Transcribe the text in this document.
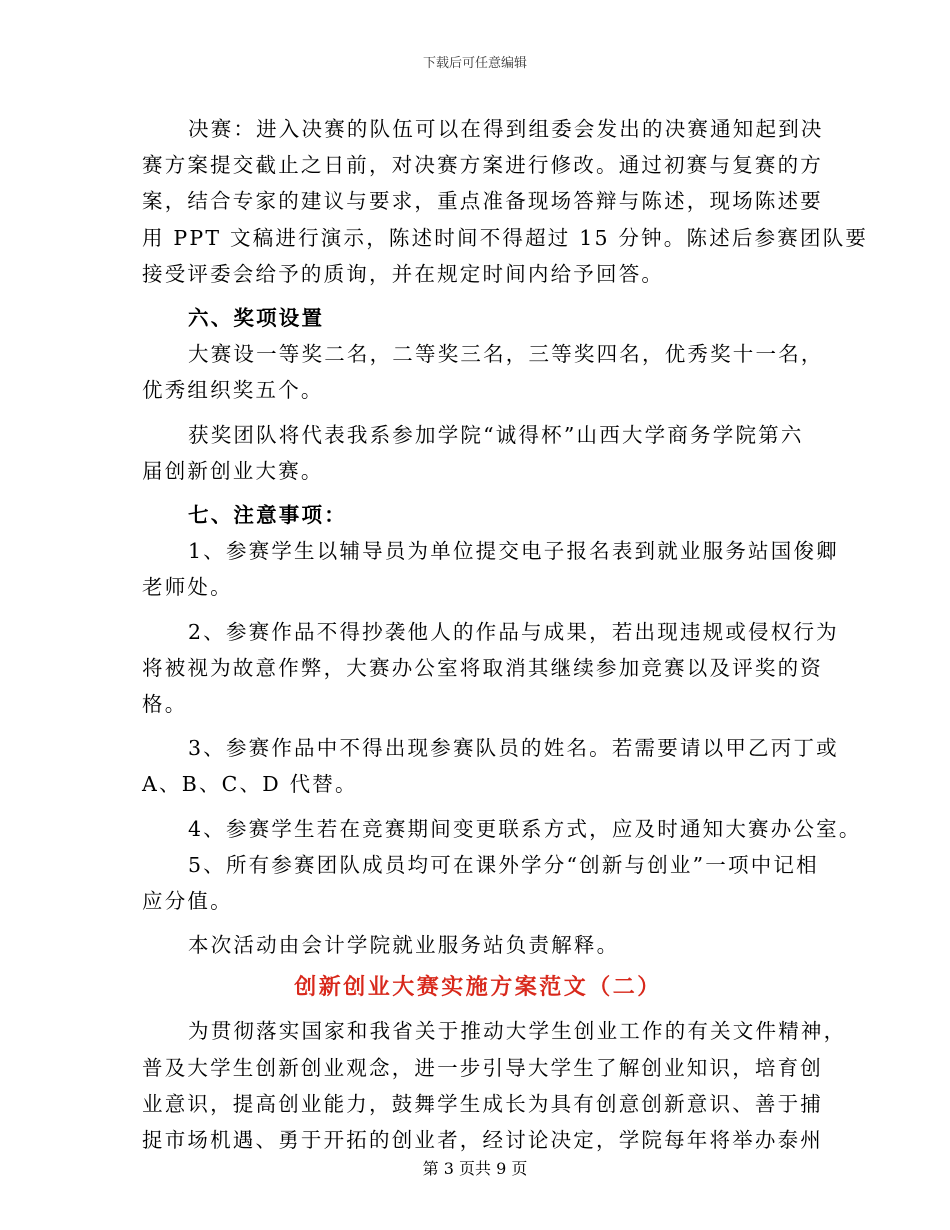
下载后可任意编辑

决赛：进入决赛的队伍可以在得到组委会发出的决赛通知起到决
赛方案提交截止之日前，对决赛方案进行修改。通过初赛与复赛的方
案，结合专家的建议与要求，重点准备现场答辩与陈述，现场陈述要
用 PPT 文稿进行演示，陈述时间不得超过 15 分钟。陈述后参赛团队要
接受评委会给予的质询，并在规定时间内给予回答。

六、奖项设置

大赛设一等奖二名，二等奖三名，三等奖四名，优秀奖十一名，
优秀组织奖五个。

获奖团队将代表我系参加学院“诚得杯”山西大学商务学院第六
届创新创业大赛。

七、注意事项：

1、参赛学生以辅导员为单位提交电子报名表到就业服务站国俊卿
老师处。

2、参赛作品不得抄袭他人的作品与成果，若出现违规或侵权行为
将被视为故意作弊，大赛办公室将取消其继续参加竞赛以及评奖的资
格。

3、参赛作品中不得出现参赛队员的姓名。若需要请以甲乙丙丁或
A、B、C、D 代替。

4、参赛学生若在竞赛期间变更联系方式，应及时通知大赛办公室。

5、所有参赛团队成员均可在课外学分“创新与创业”一项中记相
应分值。

本次活动由会计学院就业服务站负责解释。

创新创业大赛实施方案范文（二）

为贯彻落实国家和我省关于推动大学生创业工作的有关文件精神，
普及大学生创新创业观念，进一步引导大学生了解创业知识，培育创
业意识，提高创业能力，鼓舞学生成长为具有创意创新意识、善于捕
捉市场机遇、勇于开拓的创业者，经讨论决定，学院每年将举办泰州

第 3 页共 9 页
